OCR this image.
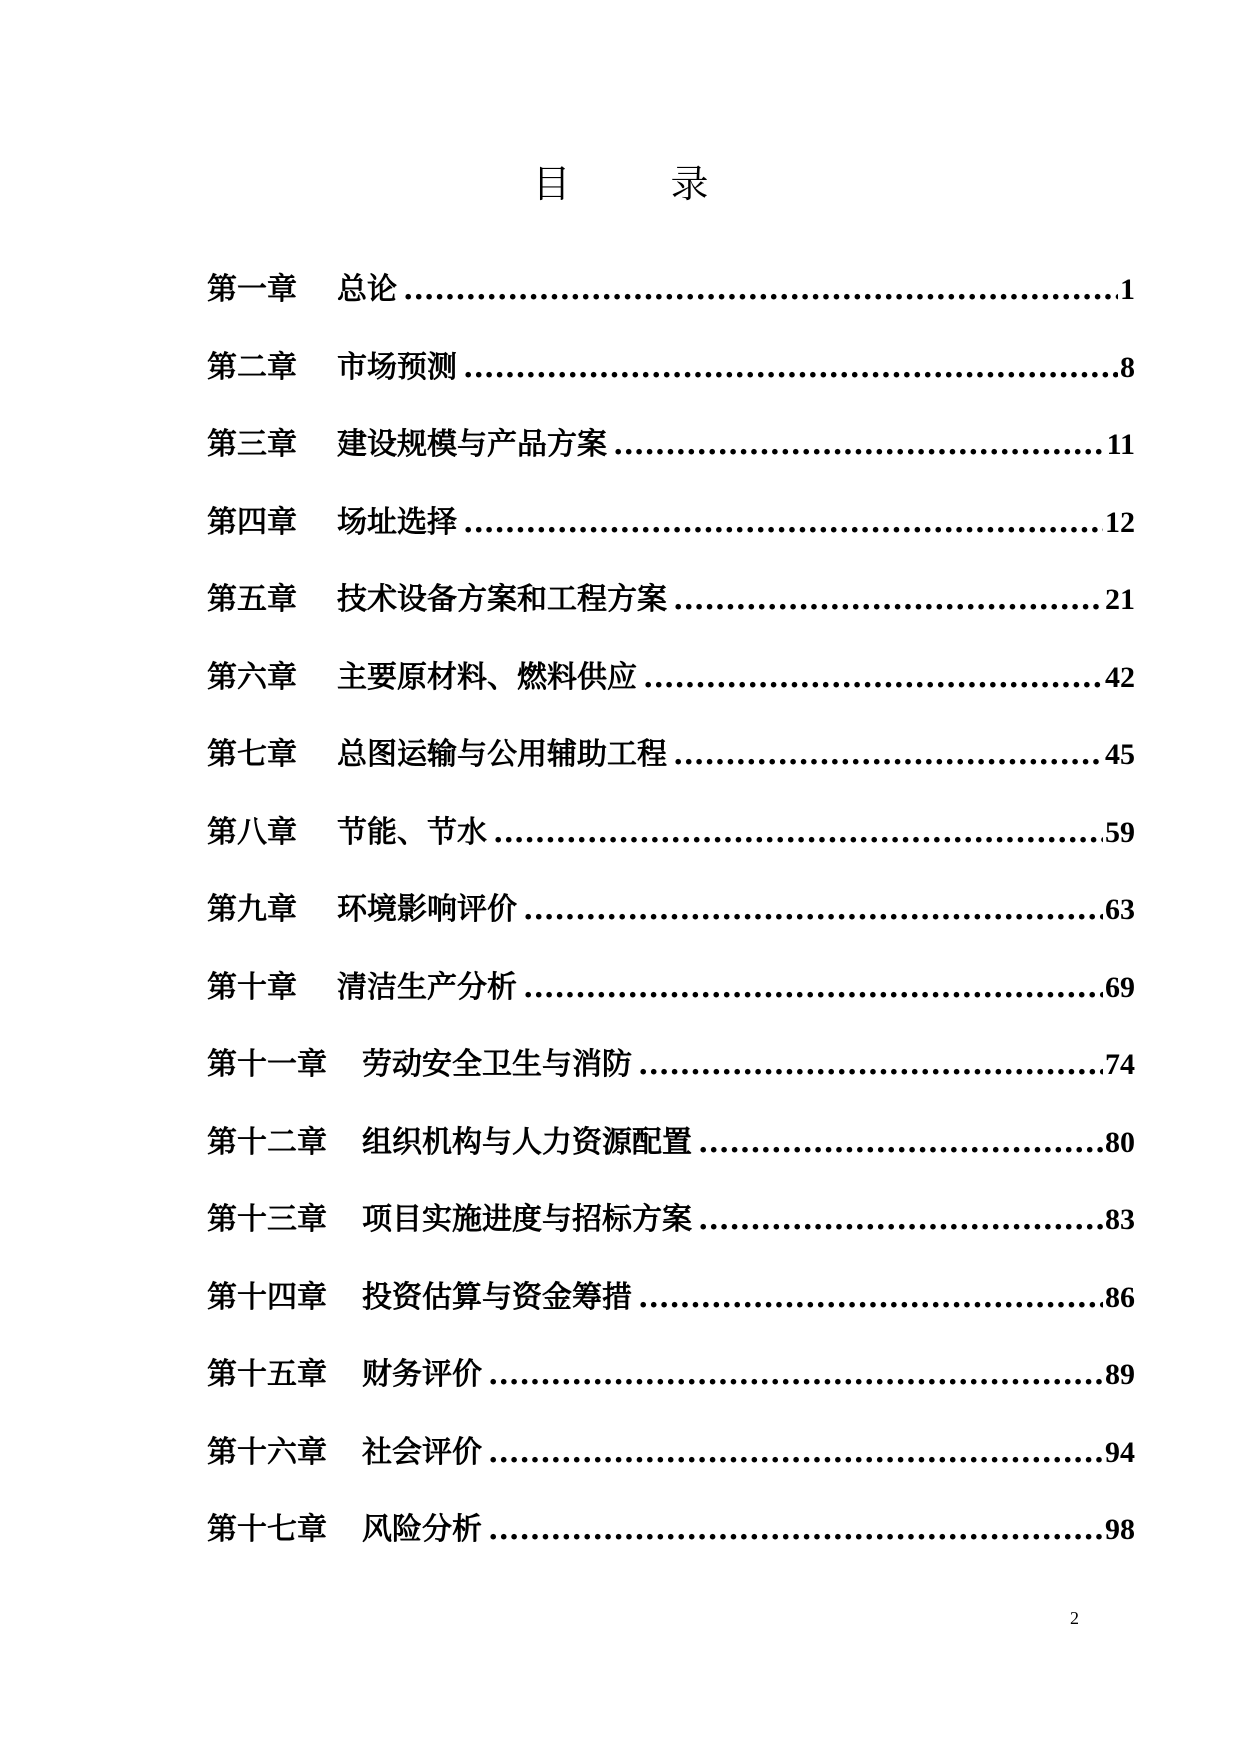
目	录
第一章	总论 .....	1
第二章	市场预测 .....	8
第三章	建设规模与产品方案 .....	11
第四章	场址选择 .....	12
第五章	技术设备方案和工程方案 .....	21
第六章	主要原材料、燃料供应 .....	42
第七章	总图运输与公用辅助工程 .....	45
第八章	节能、节水 .....	59
第九章	环境影响评价 .....	63
第十章	清洁生产分析 .....	69
第十一章	劳动安全卫生与消防 .....	74
第十二章	组织机构与人力资源配置 .....	80
第十三章	项目实施进度与招标方案 .....	83
第十四章	投资估算与资金筹措 .....	86
第十五章	财务评价 .....	89
第十六章	社会评价 .....	94
第十七章	风险分析 .....	98
2
